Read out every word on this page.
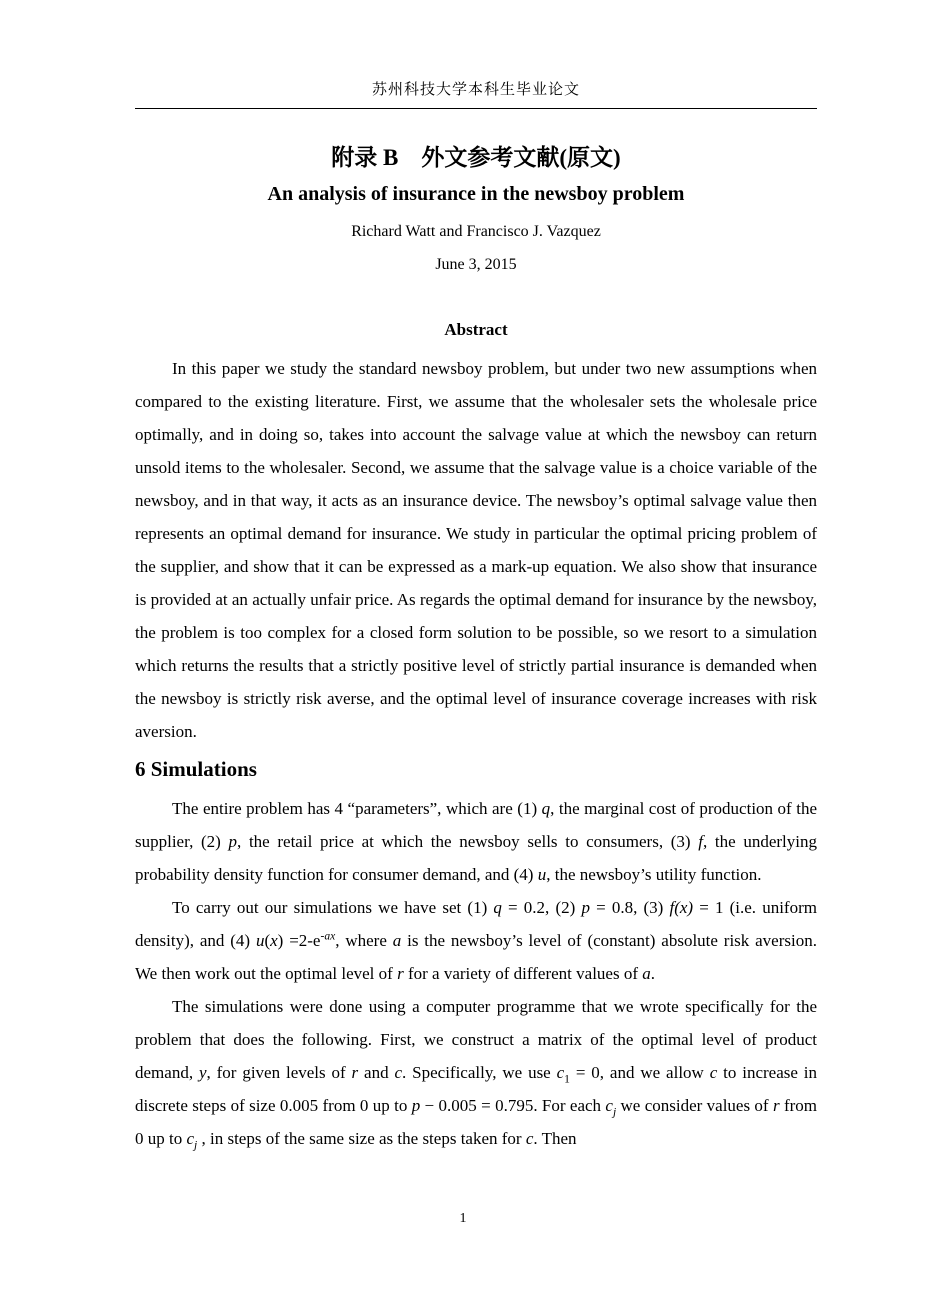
苏州科技大学本科生毕业论文
附录 B　外文参考文献(原文)
An analysis of insurance in the newsboy problem
Richard Watt and Francisco J. Vazquez
June 3, 2015
Abstract

In this paper we study the standard newsboy problem, but under two new assumptions when compared to the existing literature. First, we assume that the wholesaler sets the wholesale price optimally, and in doing so, takes into account the salvage value at which the newsboy can return unsold items to the wholesaler. Second, we assume that the salvage value is a choice variable of the newsboy, and in that way, it acts as an insurance device. The newsboy’s optimal salvage value then represents an optimal demand for insurance. We study in particular the optimal pricing problem of the supplier, and show that it can be expressed as a mark-up equation. We also show that insurance is provided at an actually unfair price. As regards the optimal demand for insurance by the newsboy, the problem is too complex for a closed form solution to be possible, so we resort to a simulation which returns the results that a strictly positive level of strictly partial insurance is demanded when the newsboy is strictly risk averse, and the optimal level of insurance coverage increases with risk aversion.

6 Simulations

The entire problem has 4 “parameters”, which are (1) q, the marginal cost of production of the supplier, (2) p, the retail price at which the newsboy sells to consumers, (3) f, the underlying probability density function for consumer demand, and (4) u, the newsboy’s utility function.

To carry out our simulations we have set (1) q = 0.2, (2) p = 0.8, (3) f(x) = 1 (i.e. uniform density), and (4) $u(x) =2-e^{-ax}$, where a is the newsboy’s level of (constant) absolute risk aversion. We then work out the optimal level of r for a variety of different values of a.

The simulations were done using a computer programme that we wrote specifically for the problem that does the following. First, we construct a matrix of the optimal level of product demand, y, for given levels of r and c. Specifically, we use $c_1 = 0$, and we allow c to increase in discrete steps of size 0.005 from 0 up to p − 0.005 = 0.795. For each $c_j$ we consider values of r from 0 up to $c_j$ , in steps of the same size as the steps taken for c. Then

1
